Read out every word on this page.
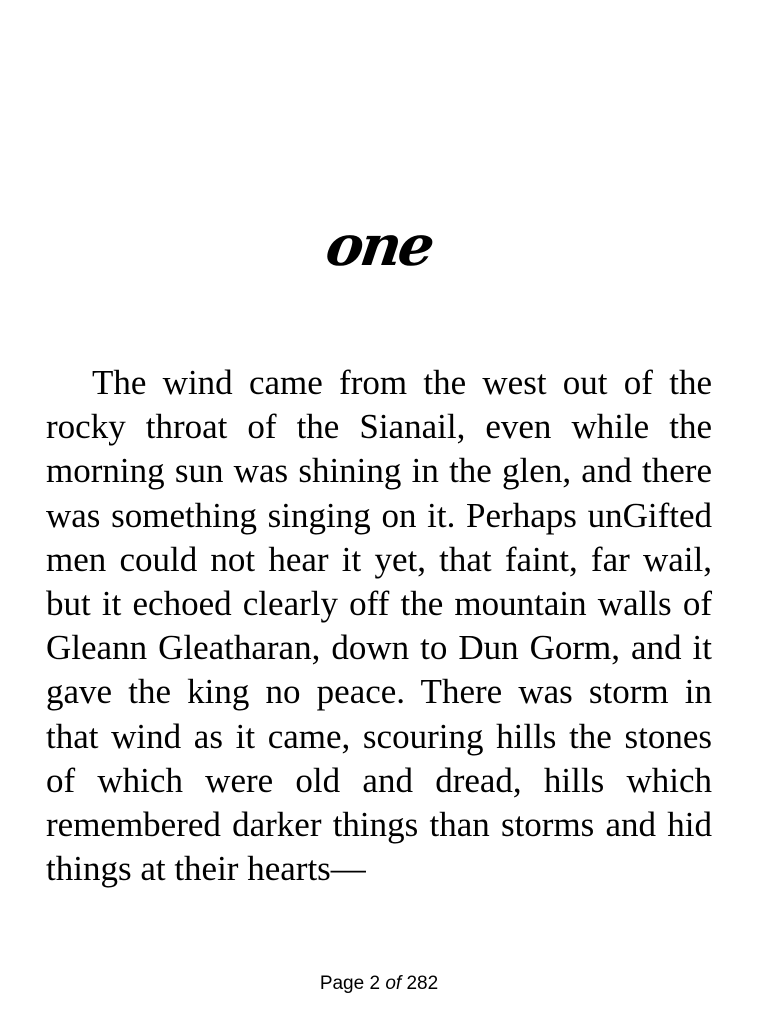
one

The wind came from the west out of the rocky throat of the Sianail, even while the morning sun was shining in the glen, and there was something singing on it. Perhaps unGifted men could not hear it yet, that faint, far wail, but it echoed clearly off the mountain walls of Gleann Gleatharan, down to Dun Gorm, and it gave the king no peace. There was storm in that wind as it came, scouring hills the stones of which were old and dread, hills which remembered darker things than storms and hid things at their hearts—

Page 2 of 282
